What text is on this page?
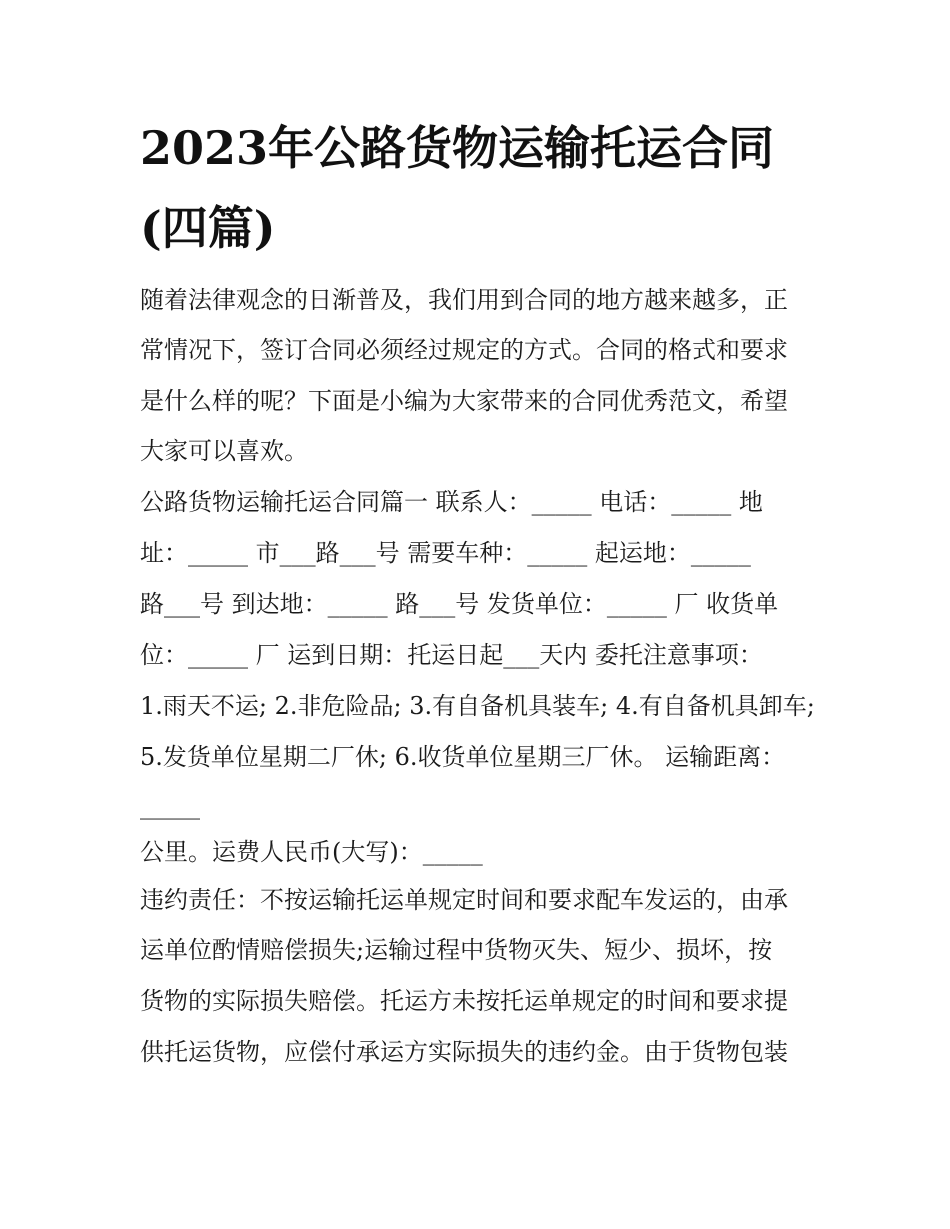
2023年公路货物运输托运合同
(四篇)
随着法律观念的日渐普及，我们用到合同的地方越来越多，正
常情况下，签订合同必须经过规定的方式。合同的格式和要求
是什么样的呢？下面是小编为大家带来的合同优秀范文，希望
大家可以喜欢。
公路货物运输托运合同篇一 联系人：_____ 电话：_____ 地
址：_____ 市___路___号 需要车种：_____ 起运地：_____
路___号 到达地：_____ 路___号 发货单位：_____ 厂 收货单
位：_____ 厂 运到日期：托运日起___天内 委托注意事项：
1.雨天不运; 2.非危险品; 3.有自备机具装车; 4.有自备机具卸车;
5.发货单位星期二厂休; 6.收货单位星期三厂休。 运输距离：
_____
公里。运费人民币(大写)：_____
违约责任：不按运输托运单规定时间和要求配车发运的，由承
运单位酌情赔偿损失;运输过程中货物灭失、短少、损坏，按
货物的实际损失赔偿。托运方未按托运单规定的时间和要求提
供托运货物，应偿付承运方实际损失的违约金。由于货物包装
